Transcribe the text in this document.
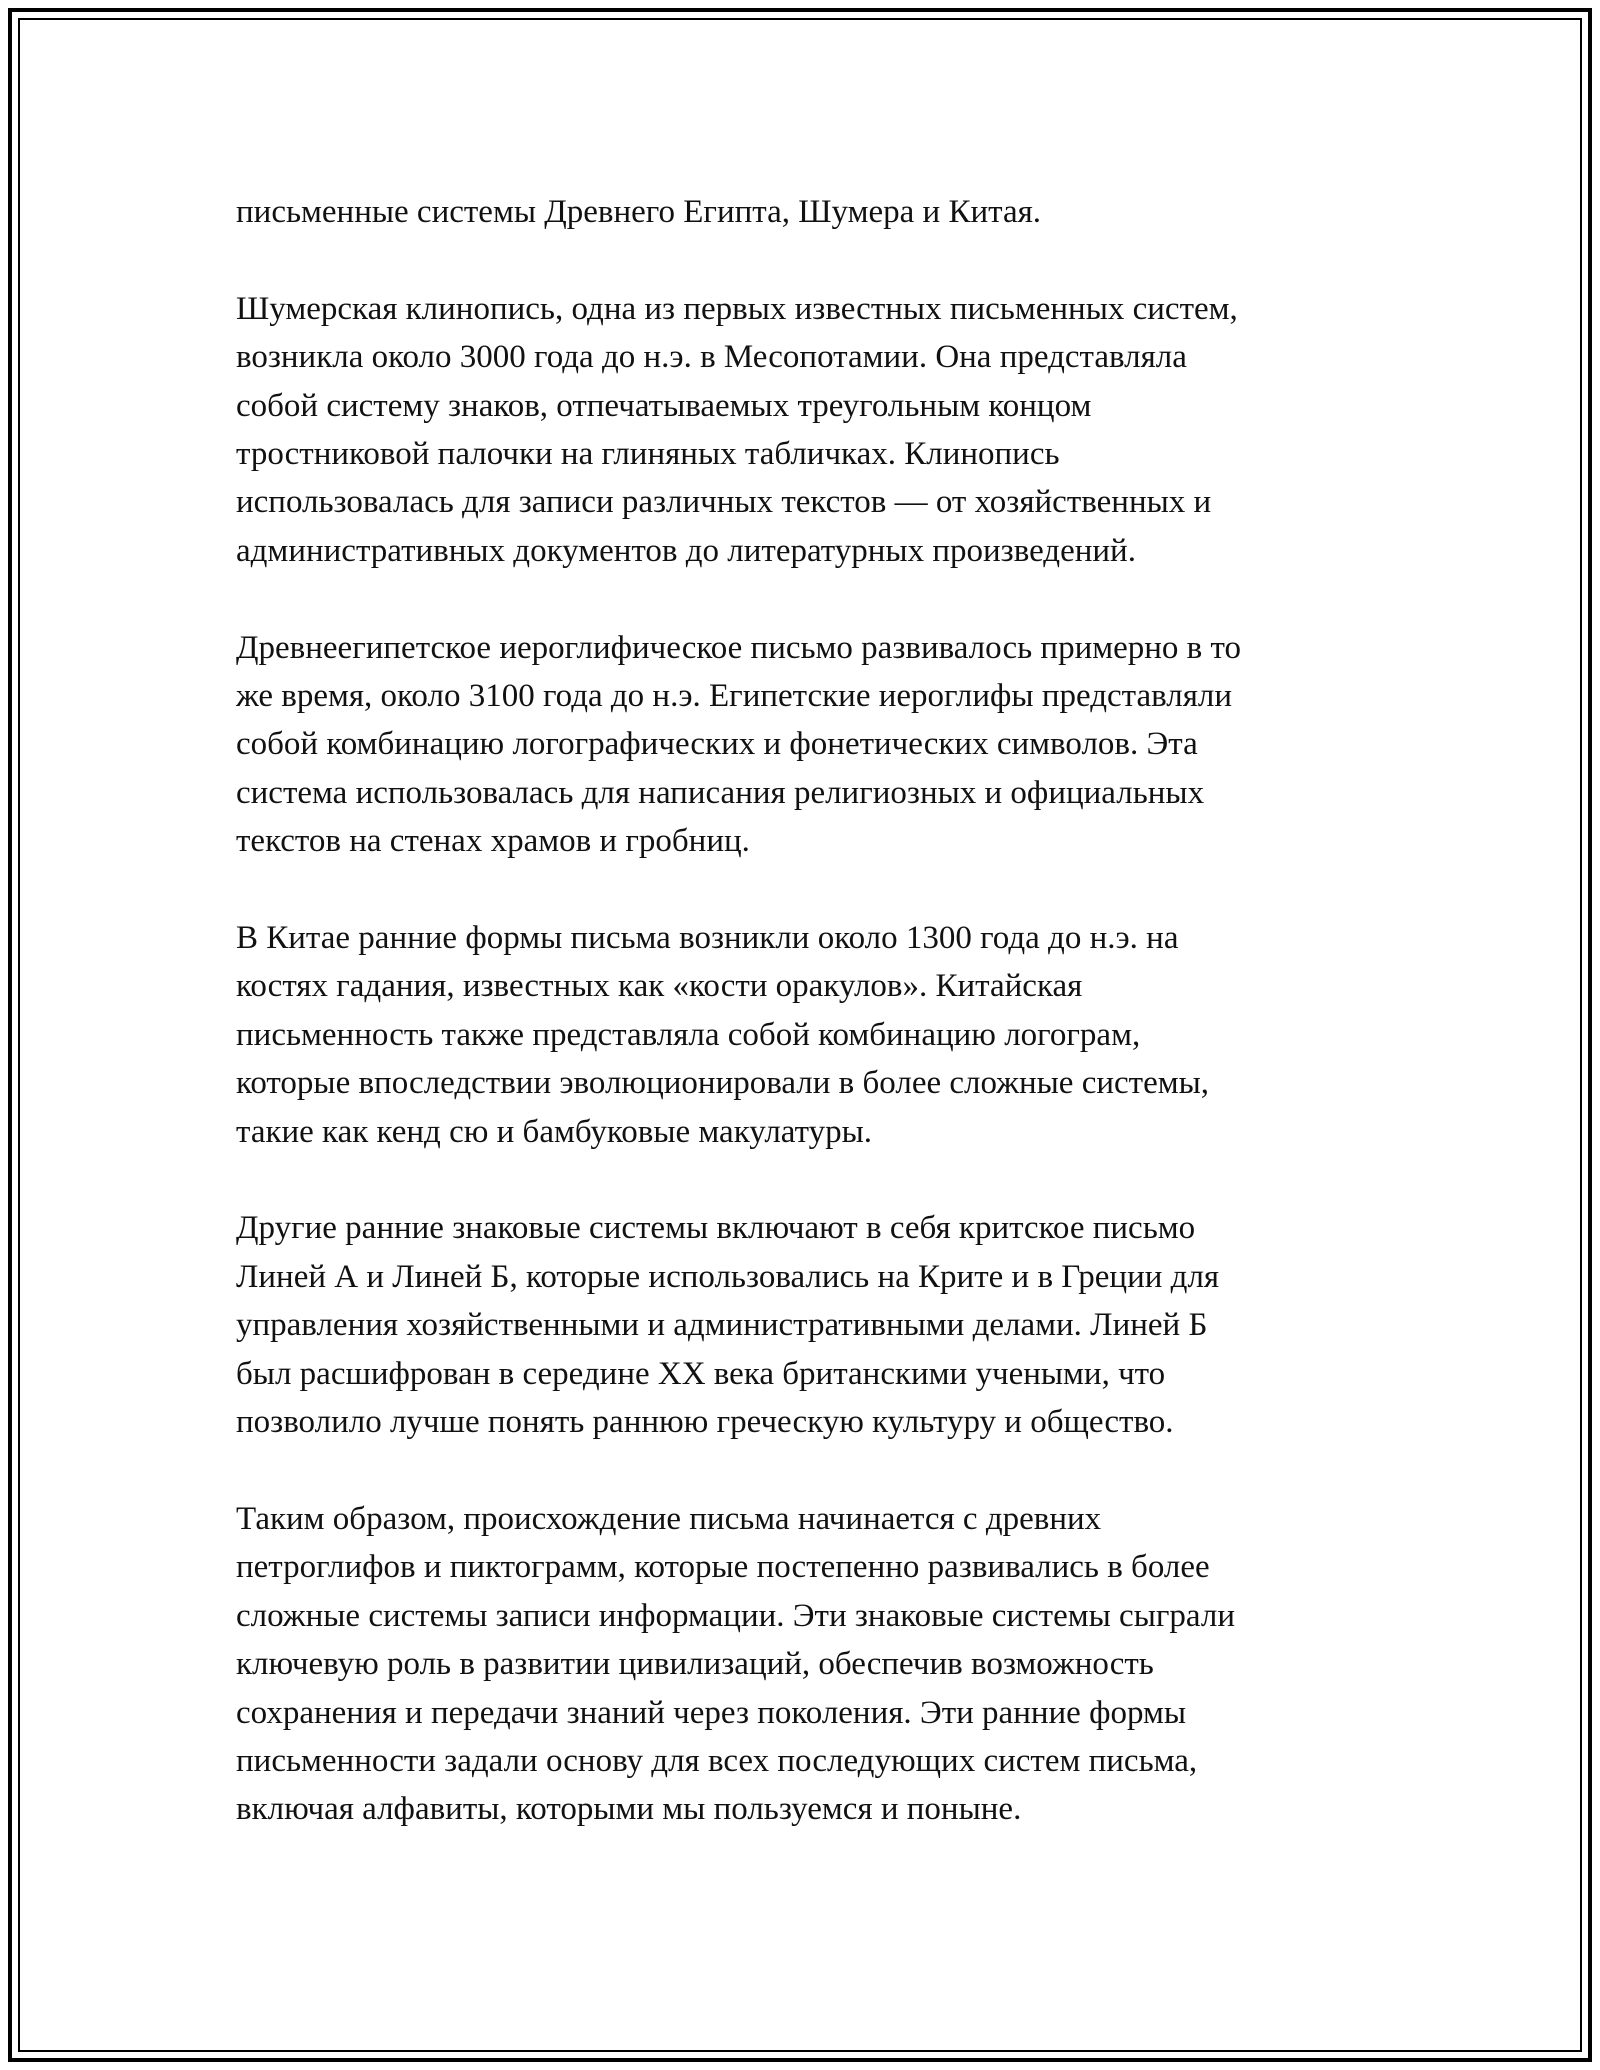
письменные системы Древнего Египта, Шумера и Китая.

Шумерская клинопись, одна из первых известных письменных систем,
возникла около 3000 года до н.э. в Месопотамии. Она представляла
собой систему знаков, отпечатываемых треугольным концом
тростниковой палочки на глиняных табличках. Клинопись
использовалась для записи различных текстов — от хозяйственных и
административных документов до литературных произведений.

Древнеегипетское иероглифическое письмо развивалось примерно в то
же время, около 3100 года до н.э. Египетские иероглифы представляли
собой комбинацию логографических и фонетических символов. Эта
система использовалась для написания религиозных и официальных
текстов на стенах храмов и гробниц.

В Китае ранние формы письма возникли около 1300 года до н.э. на
костях гадания, известных как «кости оракулов». Китайская
письменность также представляла собой комбинацию логограм,
которые впоследствии эволюционировали в более сложные системы,
такие как кенд сю и бамбуковые макулатуры.

Другие ранние знаковые системы включают в себя критское письмо
Линей А и Линей Б, которые использовались на Крите и в Греции для
управления хозяйственными и административными делами. Линей Б
был расшифрован в середине XX века британскими учеными, что
позволило лучше понять раннюю греческую культуру и общество.

Таким образом, происхождение письма начинается с древних
петроглифов и пиктограмм, которые постепенно развивались в более
сложные системы записи информации. Эти знаковые системы сыграли
ключевую роль в развитии цивилизаций, обеспечив возможность
сохранения и передачи знаний через поколения. Эти ранние формы
письменности задали основу для всех последующих систем письма,
включая алфавиты, которыми мы пользуемся и поныне.
